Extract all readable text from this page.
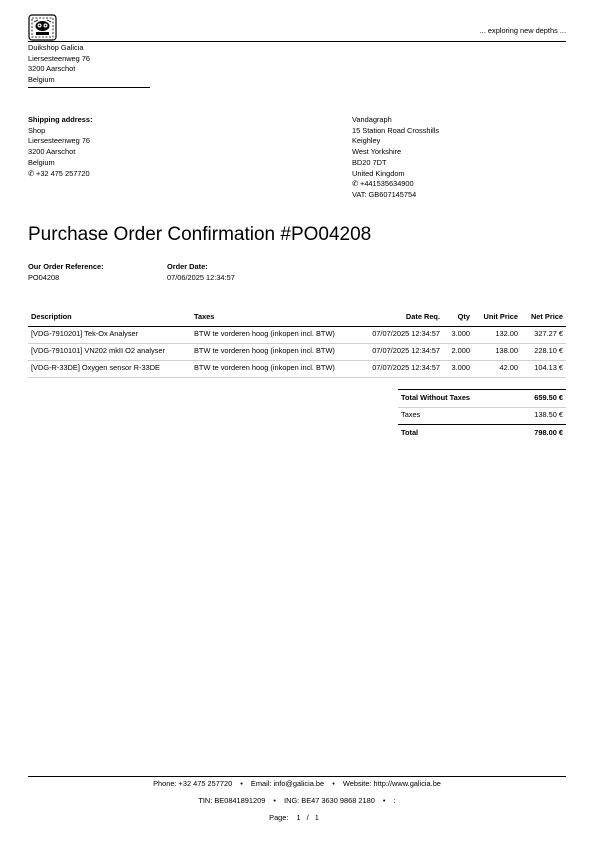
... exploring new depths ...
Duikshop Galicia
Liersesteenweg 76
3200 Aarschot
Belgium
Shipping address:
Shop
Liersesteenweg 76
3200 Aarschot
Belgium
✆ +32 475 257720
Vandagraph
15 Station Road Crosshills
Keighley
West Yorkshire
BD20 7DT
United Kingdom
✆ +441535634900
VAT: GB607145754
Purchase Order Confirmation #PO04208
Our Order Reference:
PO04208
Order Date:
07/06/2025 12:34:57
Description	Taxes	Date Req.	Qty	Unit Price	Net Price
[VDG-7910201] Tek-Ox Analyser	BTW te vorderen hoog (inkopen incl. BTW)	07/07/2025 12:34:57	3.000	132.00	327.27 €
[VDG-7910101] VN202 mkII O2 analyser	BTW te vorderen hoog (inkopen incl. BTW)	07/07/2025 12:34:57	2.000	138.00	228.10 €
[VDG-R-33DE] Oxygen sensor R-33DE	BTW te vorderen hoog (inkopen incl. BTW)	07/07/2025 12:34:57	3.000	42.00	104.13 €
Total Without Taxes	659.50 €
Taxes	138.50 €
Total	798.00 €
Phone: +32 475 257720 • Email: info@galicia.be • Website: http://www.galicia.be
TIN: BE0841891209 • ING: BE47 3630 9868 2180 • :
Page: 1 / 1
